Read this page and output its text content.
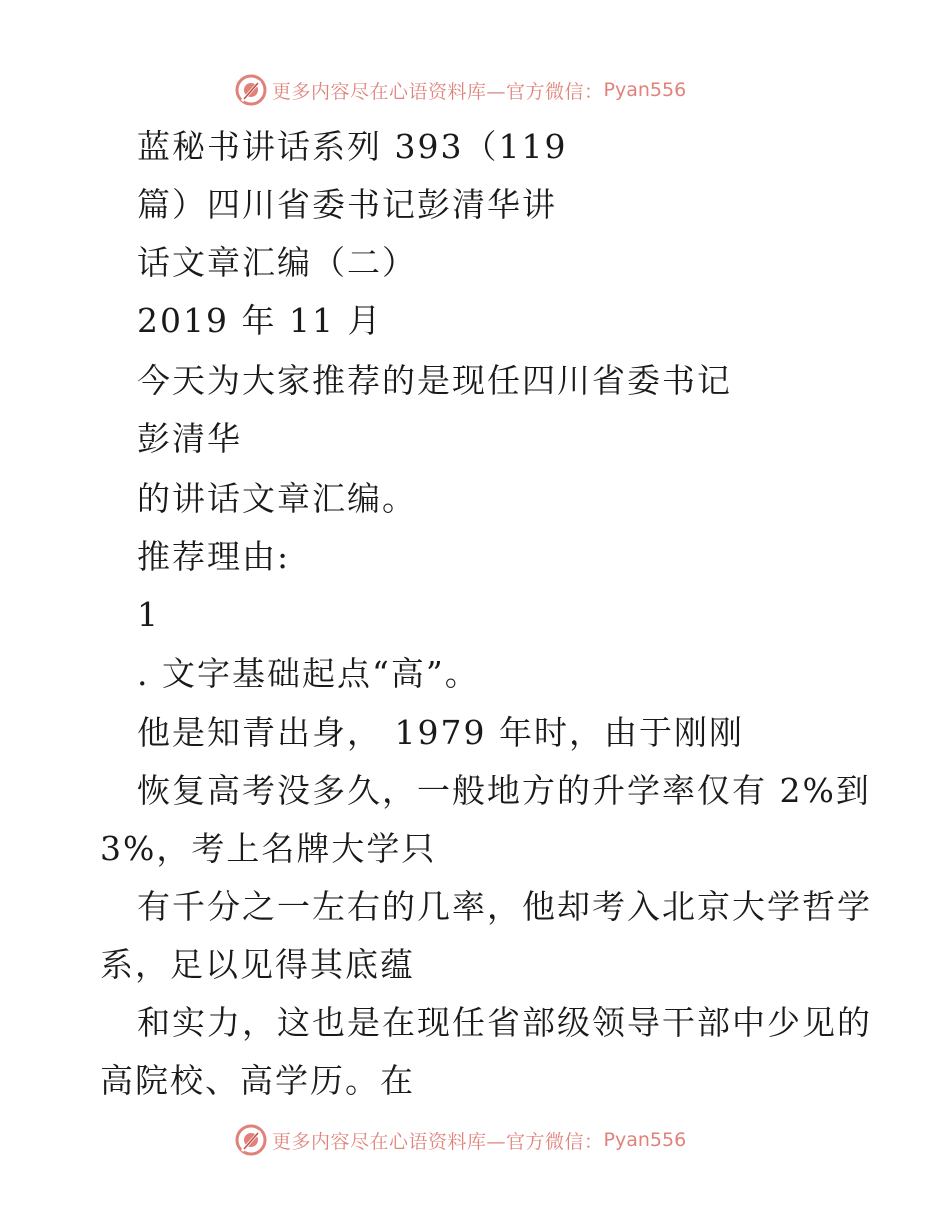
更多内容尽在心语资料库—官方微信： Pyan556
蓝秘书讲话系列 393（119
篇）四川省委书记彭清华讲
话文章汇编（二）
2019 年 11 月
今天为大家推荐的是现任四川省委书记
彭清华
的讲话文章汇编。
推荐理由:
1
. 文字基础起点“高”。
他是知青出身， 1979 年时，由于刚刚
恢复高考没多久，一般地方的升学率仅有 2%到
3%，考上名牌大学只
有千分之一左右的几率，他却考入北京大学哲学
系，足以见得其底蕴
和实力，这也是在现任省部级领导干部中少见的
高院校、高学历。在
更多内容尽在心语资料库—官方微信： Pyan556
